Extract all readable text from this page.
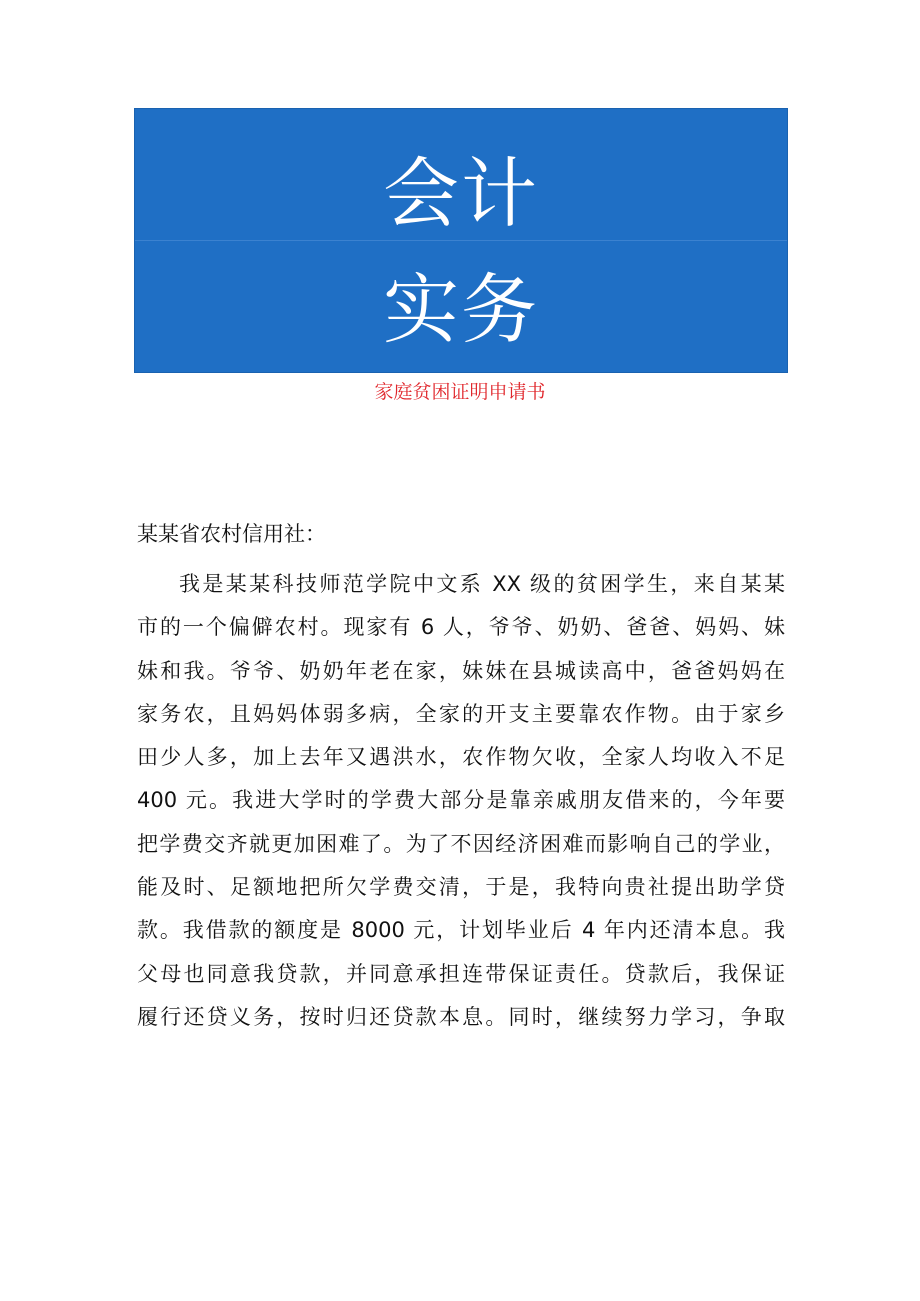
会计
实务
家庭贫困证明申请书
某某省农村信用社：
我是某某科技师范学院中文系 XX 级的贫困学生，来自某某
市的一个偏僻农村。现家有 6 人，爷爷、奶奶、爸爸、妈妈、妹
妹和我。爷爷、奶奶年老在家，妹妹在县城读高中，爸爸妈妈在
家务农，且妈妈体弱多病，全家的开支主要靠农作物。由于家乡
田少人多，加上去年又遇洪水，农作物欠收，全家人均收入不足
400 元。我进大学时的学费大部分是靠亲戚朋友借来的，今年要
把学费交齐就更加困难了。为了不因经济困难而影响自己的学业，
能及时、足额地把所欠学费交清，于是，我特向贵社提出助学贷
款。我借款的额度是 8000 元，计划毕业后 4 年内还清本息。我
父母也同意我贷款，并同意承担连带保证责任。贷款后，我保证
履行还贷义务，按时归还贷款本息。同时，继续努力学习，争取
